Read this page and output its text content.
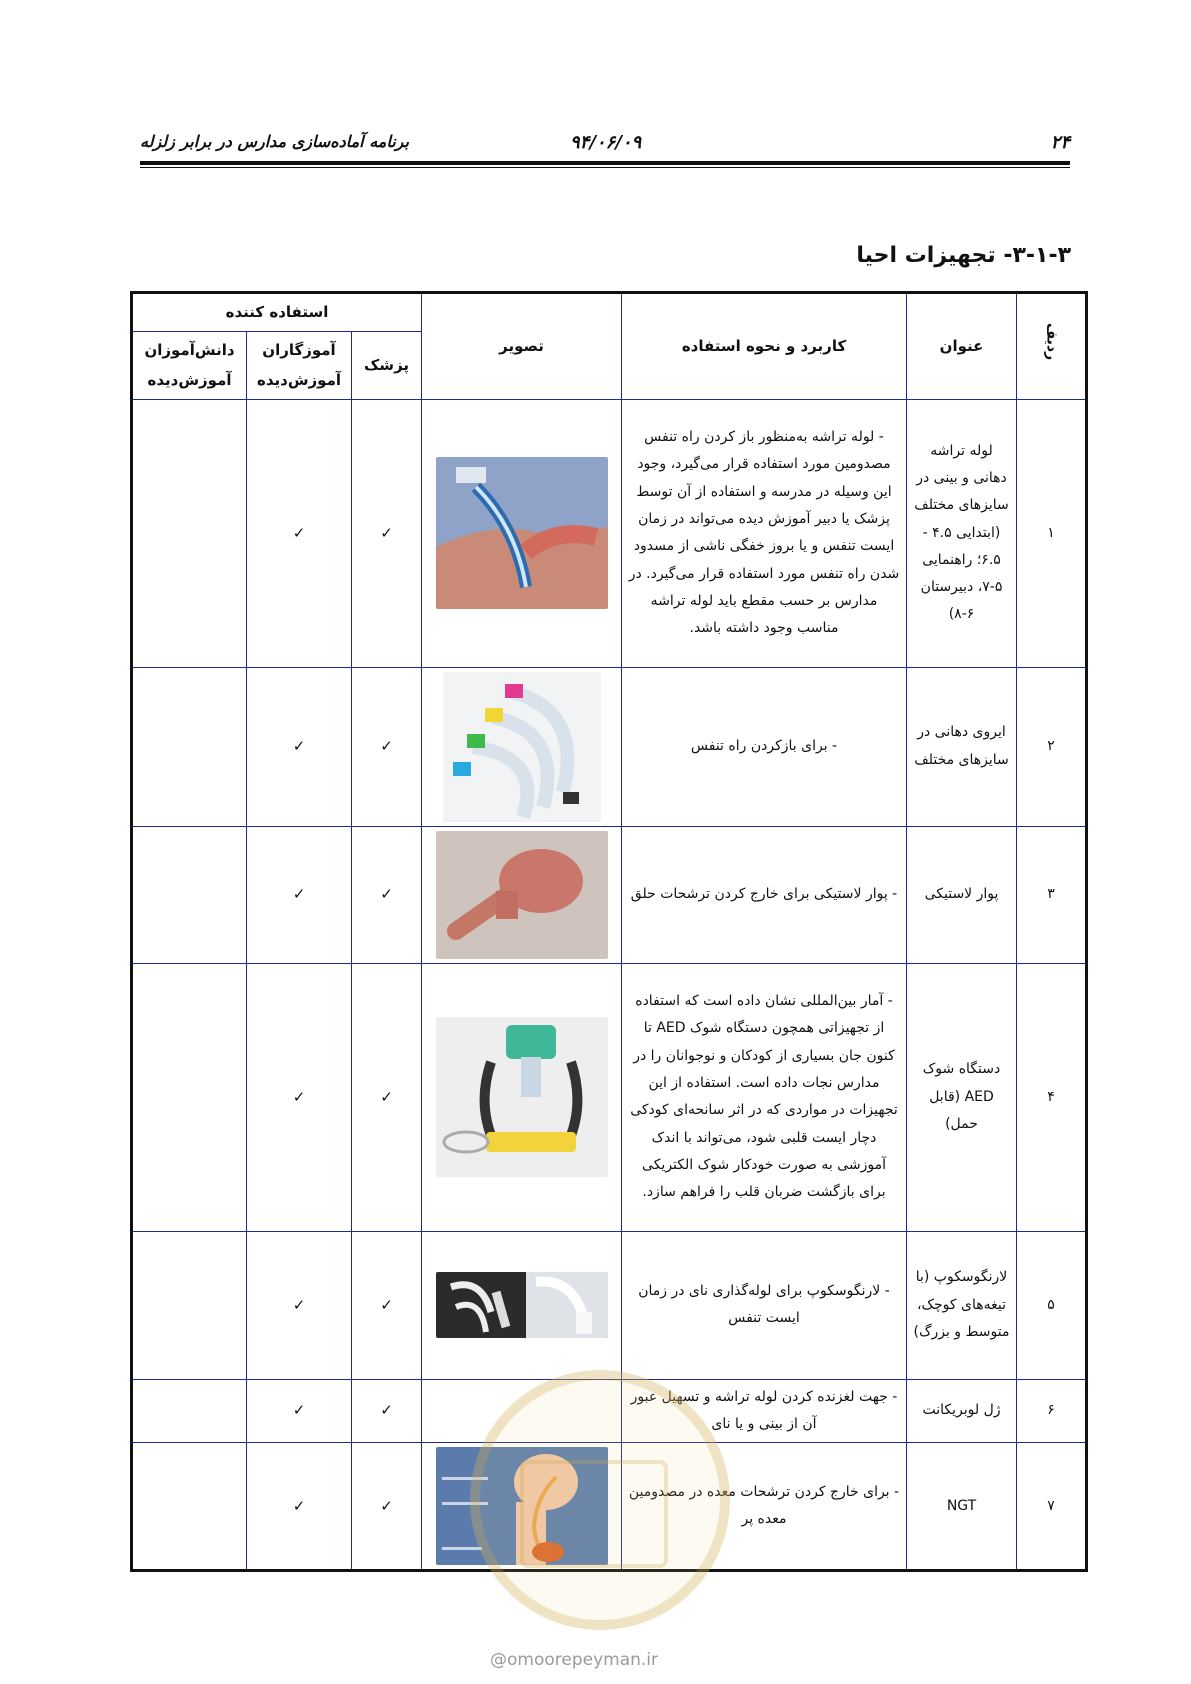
۲۴
۹۴/۰۶/۰۹
برنامه آماده‌سازی مدارس در برابر زلزله
۳-۱-۳- تجهیزات احیا
ردیف	عنوان	کاربرد و نحوه استفاده	تصویر	استفاده کننده		
				پزشک	آموزگاران آموزش‌دیده	دانش‌آموزان آموزش‌دیده
۱	لوله تراشه دهانی و بینی در سایزهای مختلف (ابتدایی ۴.۵ - ۶.۵؛ راهنمایی ۵-۷، دبیرستان ۶-۸)	- لوله تراشه به‌منظور باز کردن راه تنفس مصدومین مورد استفاده قرار می‌گیرد، وجود این وسیله در مدرسه و استفاده از آن توسط پزشک یا دبیر آموزش دیده می‌تواند در زمان ایست تنفس و یا بروز خفگی ناشی از مسدود شدن راه تنفس مورد استفاده قرار می‌گیرد. در مدارس بر حسب مقطع باید لوله تراشه مناسب وجود داشته باشد.		✓	✓	
۲	ایروی دهانی در سایزهای مختلف	- برای بازکردن راه تنفس		✓	✓	
۳	پوار لاستیکی	- پوار لاستیکی برای خارج کردن ترشحات حلق		✓	✓	
۴	دستگاه شوک AED (قابل حمل)	- آمار بین‌المللی نشان داده است که استفاده از تجهیزاتی همچون دستگاه شوک AED تا کنون جان بسیاری از کودکان و نوجوانان را در مدارس نجات داده است. استفاده از این تجهیزات در مواردی که در اثر سانحه‌ای کودکی دچار ایست قلبی شود، می‌تواند با اندک آموزشی به صورت خودکار شوک الکتریکی برای بازگشت ضربان قلب را فراهم سازد.		✓	✓	
۵	لارنگوسکوپ (با تیغه‌های کوچک، متوسط و بزرگ)	- لارنگوسکوپ برای لوله‌گذاری نای در زمان ایست تنفس		✓	✓	
۶	ژل لوبریکانت	- جهت لغزنده کردن لوله تراشه و تسهیل عبور آن از بینی و یا نای		✓	✓	
۷	NGT	- برای خارج کردن ترشحات معده در مصدومین معده پر		✓	✓	
@omoorepeyman.ir
